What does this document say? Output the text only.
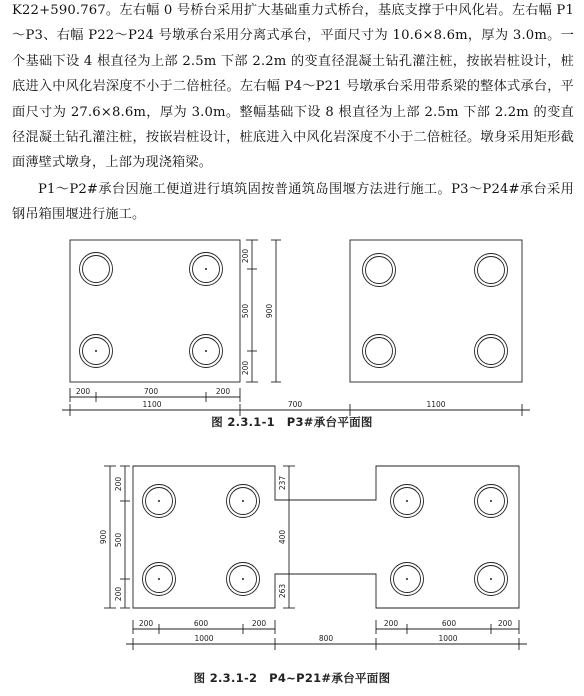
K22+590.767。左右幅 0 号桥台采用扩大基础重力式桥台，基底支撑于中风化岩。左右幅 P1～P3、右幅 P22～P24 号墩承台采用分离式承台，平面尺寸为 10.6×8.6m，厚为 3.0m。一个基础下设 4 根直径为上部 2.5m 下部 2.2m 的变直径混凝土钻孔灌注桩，按嵌岩桩设计，桩底进入中风化岩深度不小于二倍桩径。左右幅 P4～P21 号墩承台采用带系梁的整体式承台，平面尺寸为 27.6×8.6m，厚为 3.0m。整幅基础下设 8 根直径为上部 2.5m 下部 2.2m 的变直径混凝土钻孔灌注桩，按嵌岩桩设计，桩底进入中风化岩深度不小于二倍桩径。墩身采用矩形截面薄壁式墩身，上部为现浇箱梁。
P1～P2#承台因施工便道进行填筑固按普通筑岛围堰方法进行施工。P3～P24#承台采用钢吊箱围堰进行施工。
200
500
200
900
200	700	200
1100	700	1100
200
500
200
900
237
400
263
200	600	200	200	600	200
1000	800	1000
图 2.3.1-1　P3#承台平面图
图 2.3.1-2　P4~P21#承台平面图
